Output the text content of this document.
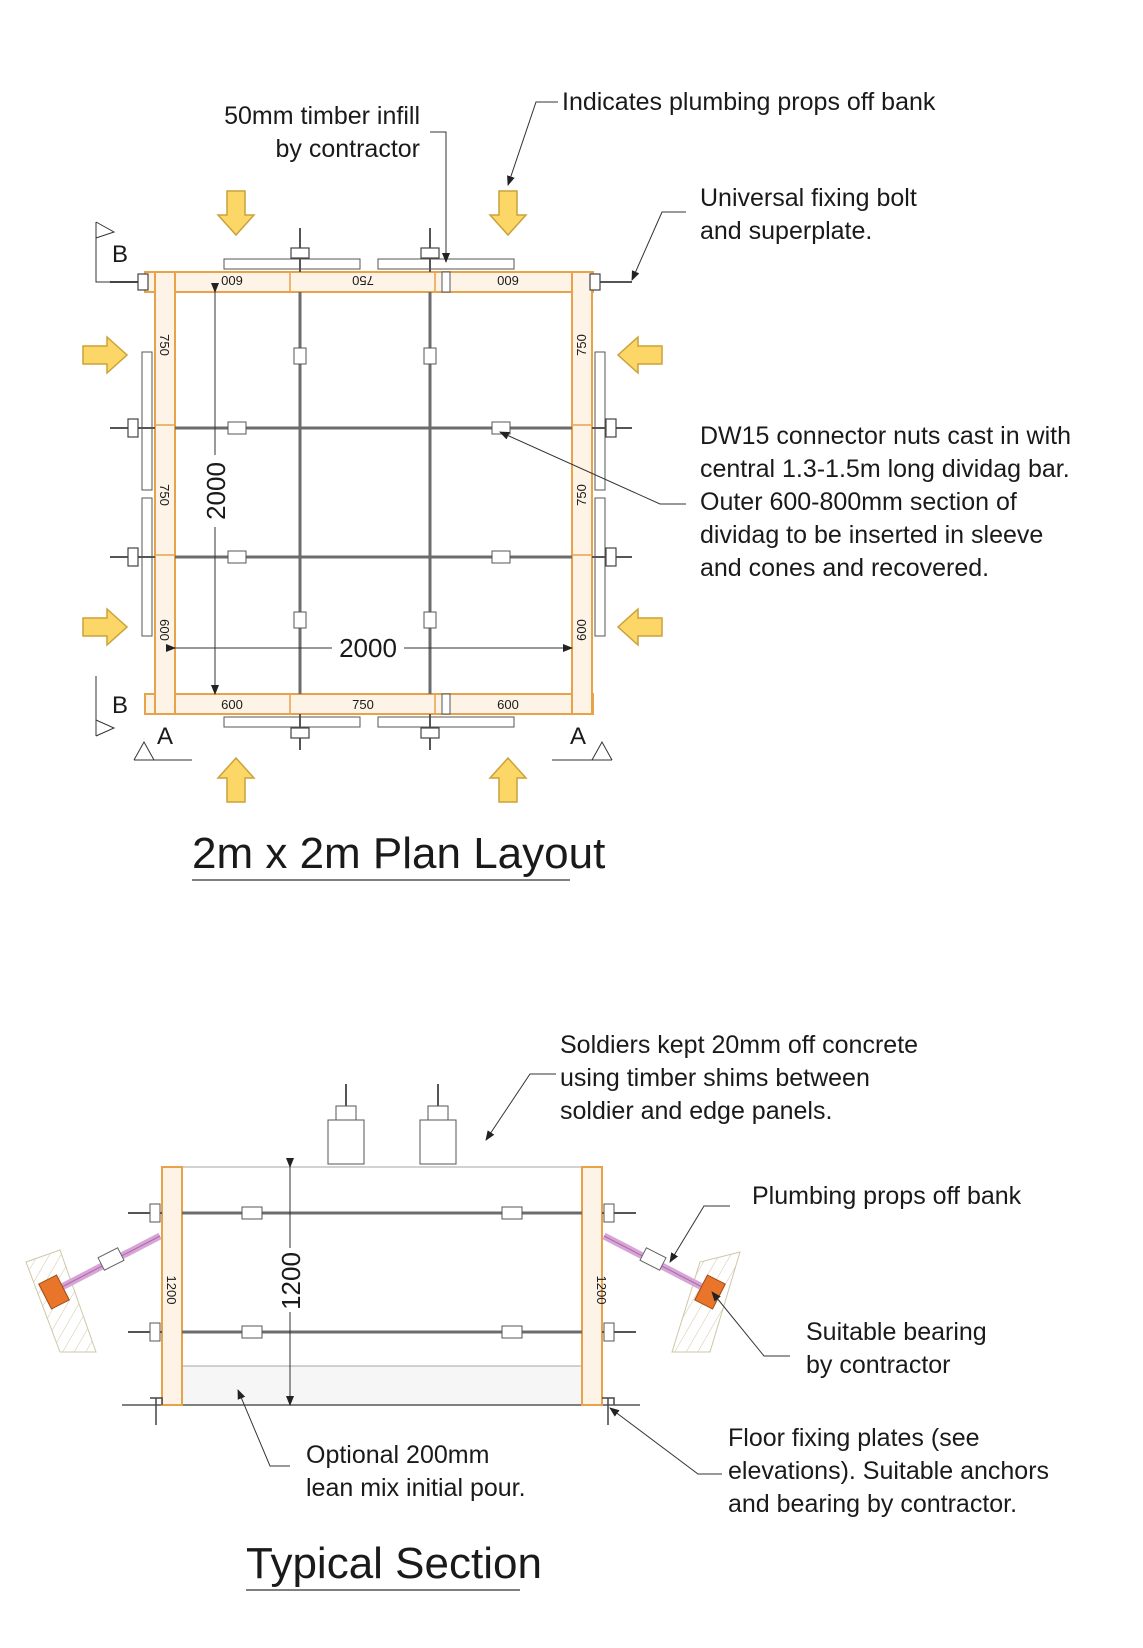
2000
2000
600	750	600
600	750	600
750
750
600
750
750
600
B
B
A	A
50mm timber infill
by contractor
Indicates plumbing props off bank
Universal fixing bolt
and superplate.
DW15 connector nuts cast in with
central 1.3-1.5m long dividag bar.
Outer 600-800mm section of
dividag to be inserted in sleeve
and cones and recovered.
2m x 2m Plan Layout
1200
1200	1200
Soldiers kept 20mm off concrete
using timber shims between
soldier and edge panels.
Plumbing props off bank
Suitable bearing
by contractor
Optional 200mm
lean mix initial pour.
Floor fixing plates (see
elevations). Suitable anchors
and bearing by contractor.
Typical Section
